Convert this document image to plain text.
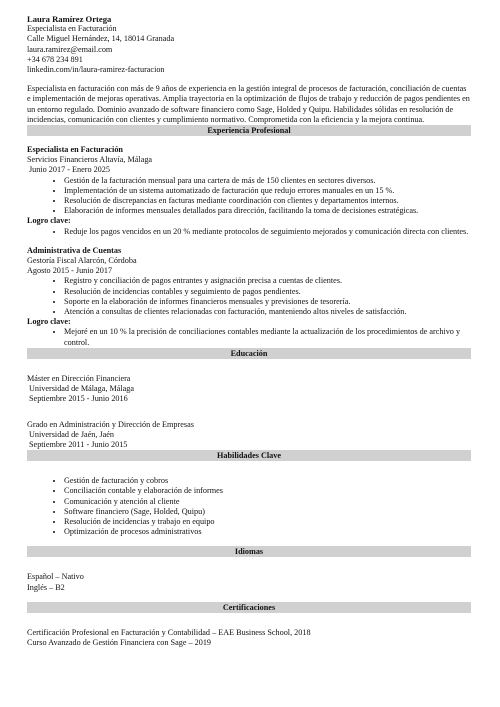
Laura Ramírez Ortega
Especialista en Facturación
Calle Miguel Hernández, 14, 18014 Granada
laura.ramirez@email.com
+34 678 234 891
linkedin.com/in/laura-ramirez-facturacion

Especialista en facturación con más de 9 años de experiencia en la gestión integral de procesos de facturación, conciliación de cuentas e implementación de mejoras operativas. Amplia trayectoria en la optimización de flujos de trabajo y reducción de pagos pendientes en un entorno regulado. Dominio avanzado de software financiero como Sage, Holded y Quipu. Habilidades sólidas en resolución de incidencias, comunicación con clientes y cumplimiento normativo. Comprometida con la eficiencia y la mejora continua.

Experiencia Profesional
Especialista en Facturación
Servicios Financieros Altavía, Málaga
Junio 2017 - Enero 2025
• Gestión de la facturación mensual para una cartera de más de 150 clientes en sectores diversos.
• Implementación de un sistema automatizado de facturación que redujo errores manuales en un 15 %.
• Resolución de discrepancias en facturas mediante coordinación con clientes y departamentos internos.
• Elaboración de informes mensuales detallados para dirección, facilitando la toma de decisiones estratégicas.
Logro clave:
• Reduje los pagos vencidos en un 20 % mediante protocolos de seguimiento mejorados y comunicación directa con clientes.
Administrativa de Cuentas
Gestoría Fiscal Alarcón, Córdoba
Agosto 2015 - Junio 2017
• Registro y conciliación de pagos entrantes y asignación precisa a cuentas de clientes.
• Resolución de incidencias contables y seguimiento de pagos pendientes.
• Soporte en la elaboración de informes financieros mensuales y previsiones de tesorería.
• Atención a consultas de clientes relacionadas con facturación, manteniendo altos niveles de satisfacción.
Logro clave:
• Mejoré en un 10 % la precisión de conciliaciones contables mediante la actualización de los procedimientos de archivo y control.
Educación
Máster en Dirección Financiera
Universidad de Málaga, Málaga
Septiembre 2015 - Junio 2016
Grado en Administración y Dirección de Empresas
Universidad de Jaén, Jaén
Septiembre 2011 - Junio 2015
Habilidades Clave
• Gestión de facturación y cobros
• Conciliación contable y elaboración de informes
• Comunicación y atención al cliente
• Software financiero (Sage, Holded, Quipu)
• Resolución de incidencias y trabajo en equipo
• Optimización de procesos administrativos
Idiomas
Español – Nativo
Inglés – B2
Certificaciones
Certificación Profesional en Facturación y Contabilidad – EAE Business School, 2018
Curso Avanzado de Gestión Financiera con Sage – 2019
